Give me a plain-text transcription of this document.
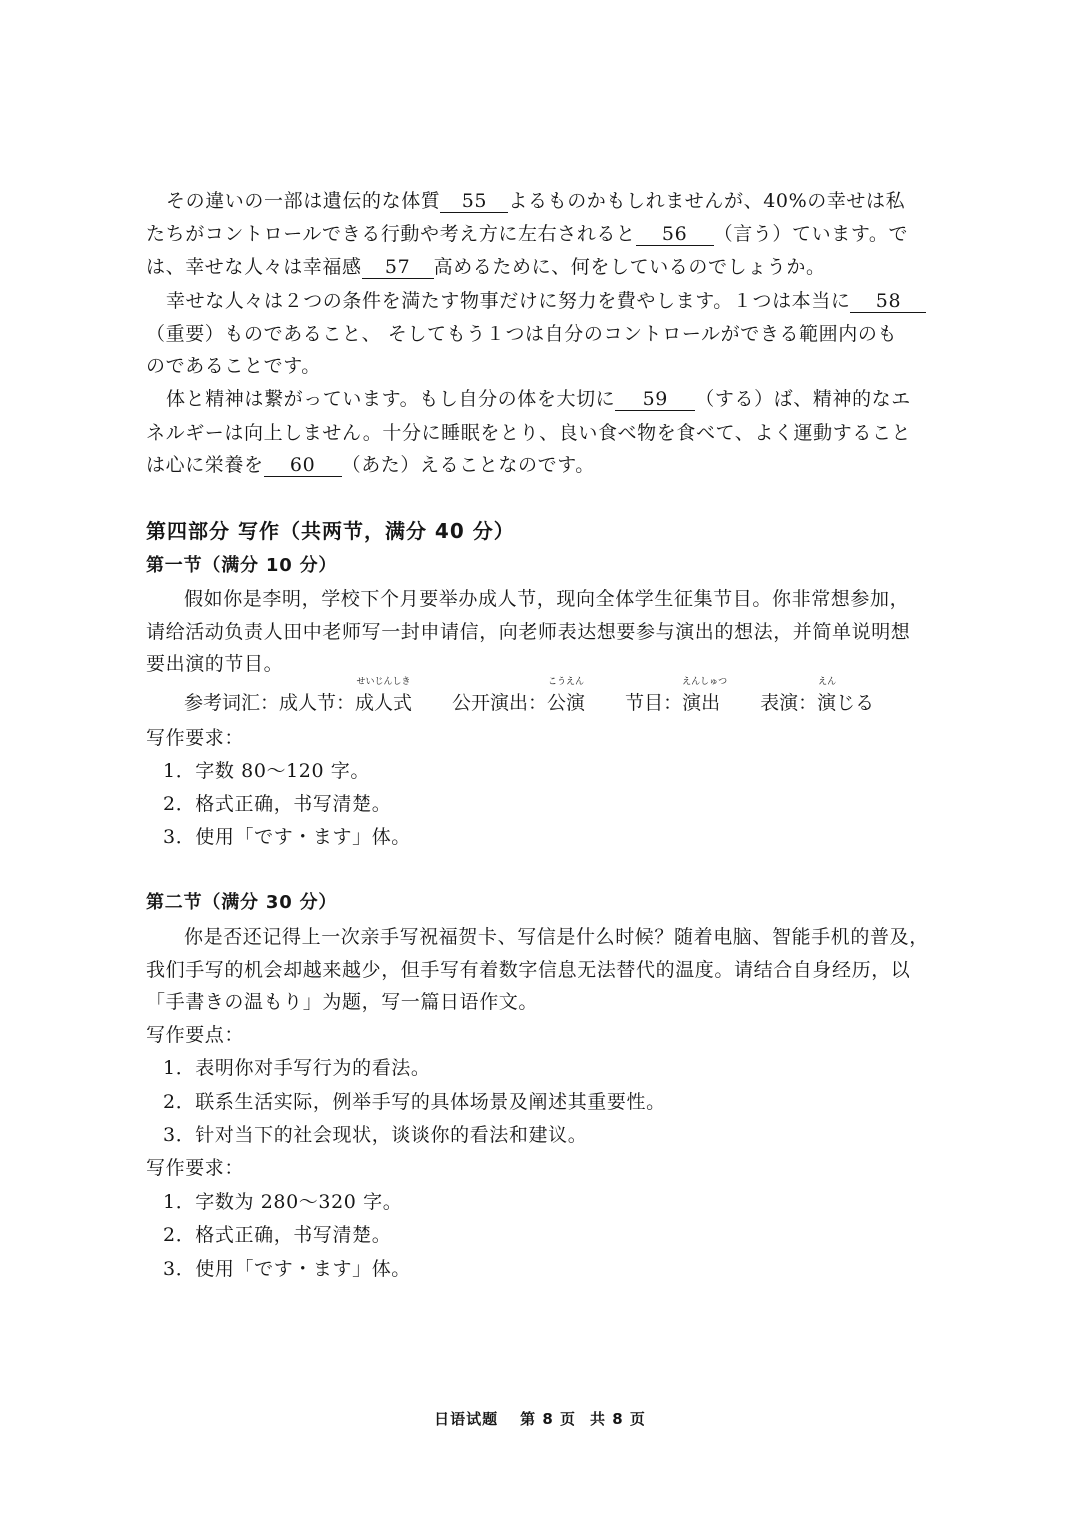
その違いの一部は遺伝的な体質 55 よるものかもしれませんが、40%の幸せは私
たちがコントロールできる行動や考え方に左右されると 56 （言う）ています。で
は、幸せな人々は幸福感 57 高めるために、何をしているのでしょうか。
幸せな人々は２つの条件を満たす物事だけに努力を費やします。１つは本当に 58
（重要）ものであること、 そしてもう１つは自分のコントロールができる範囲内のも
のであることです。
体と精神は繋がっています。もし自分の体を大切に 59 （する）ば、精神的なエ
ネルギーは向上しません。十分に睡眠をとり、良い食べ物を食べて、よく運動すること
は心に栄養を 60 （あた）えることなのです。
第四部分 写作（共两节，满分 40 分）
第一节（满分 10 分）
假如你是李明，学校下个月要举办成人节，现向全体学生征集节目。你非常想参加，
请给活动负责人田中老师写一封申请信，向老师表达想要参与演出的想法，并简单说明想
要出演的节目。
参考词汇：成人节：
せいじんしき
成人式 公开演出：
こうえん
公演 节目：
えんしゅつ
演出 表演：
えん
演じる
写作要求：
1．字数 80～120 字。
2．格式正确，书写清楚。
3．使用「です・ます」体。
第二节（满分 30 分）
你是否还记得上一次亲手写祝福贺卡、写信是什么时候？随着电脑、智能手机的普及，
我们手写的机会却越来越少，但手写有着数字信息无法替代的温度。请结合自身经历，以
「手書きの温もり」为题，写一篇日语作文。
写作要点：
1．表明你对手写行为的看法。
2．联系生活实际，例举手写的具体场景及阐述其重要性。
3．针对当下的社会现状，谈谈你的看法和建议。
写作要求：
1．字数为 280～320 字。
2．格式正确，书写清楚。
3．使用「です・ます」体。
日语试题 第 8 页 共 8 页
